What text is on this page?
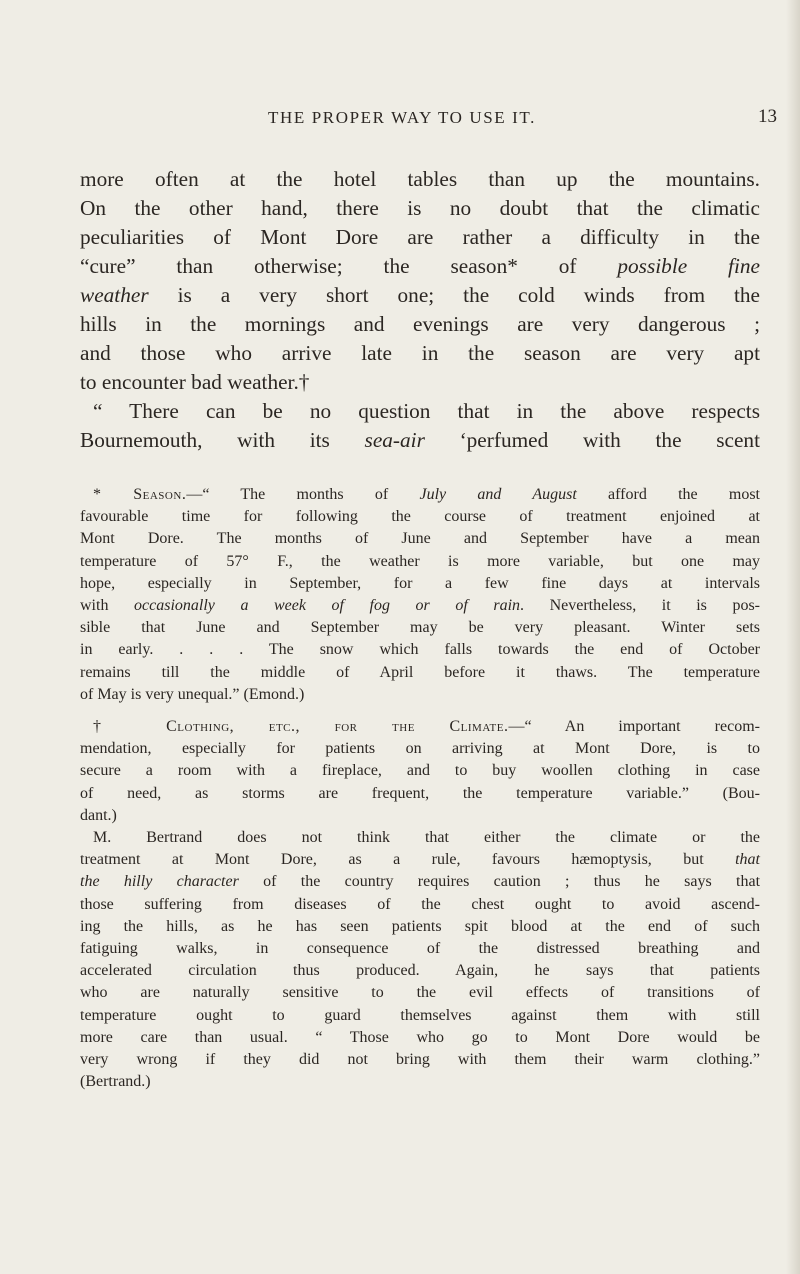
THE PROPER WAY TO USE IT.	13
more often at the hotel tables than up the mountains.
On the other hand, there is no doubt that the climatic
peculiarities of Mont Dore are rather a difficulty in the
“cure” than otherwise; the season* of possible fine
weather is a very short one; the cold winds from the
hills in the mornings and evenings are very dangerous ;
and those who arrive late in the season are very apt
to encounter bad weather.†
“ There can be no question that in the above respects
Bournemouth, with its sea-air ‘perfumed with the scent
* Season.—“ The months of July and August afford the most
favourable time for following the course of treatment enjoined at
Mont Dore. The months of June and September have a mean
temperature of 57° F., the weather is more variable, but one may
hope, especially in September, for a few fine days at intervals
with occasionally a week of fog or of rain. Nevertheless, it is pos-
sible that June and September may be very pleasant. Winter sets
in early. . . . The snow which falls towards the end of October
remains till the middle of April before it thaws. The temperature
of May is very unequal.” (Emond.)
† Clothing, etc., for the Climate.—“ An important recom-
mendation, especially for patients on arriving at Mont Dore, is to
secure a room with a fireplace, and to buy woollen clothing in case
of need, as storms are frequent, the temperature variable.” (Bou-
dant.)
M. Bertrand does not think that either the climate or the
treatment at Mont Dore, as a rule, favours hæmoptysis, but that
the hilly character of the country requires caution ; thus he says that
those suffering from diseases of the chest ought to avoid ascend-
ing the hills, as he has seen patients spit blood at the end of such
fatiguing walks, in consequence of the distressed breathing and
accelerated circulation thus produced. Again, he says that patients
who are naturally sensitive to the evil effects of transitions of
temperature ought to guard themselves against them with still
more care than usual. “ Those who go to Mont Dore would be
very wrong if they did not bring with them their warm clothing.”
(Bertrand.)
